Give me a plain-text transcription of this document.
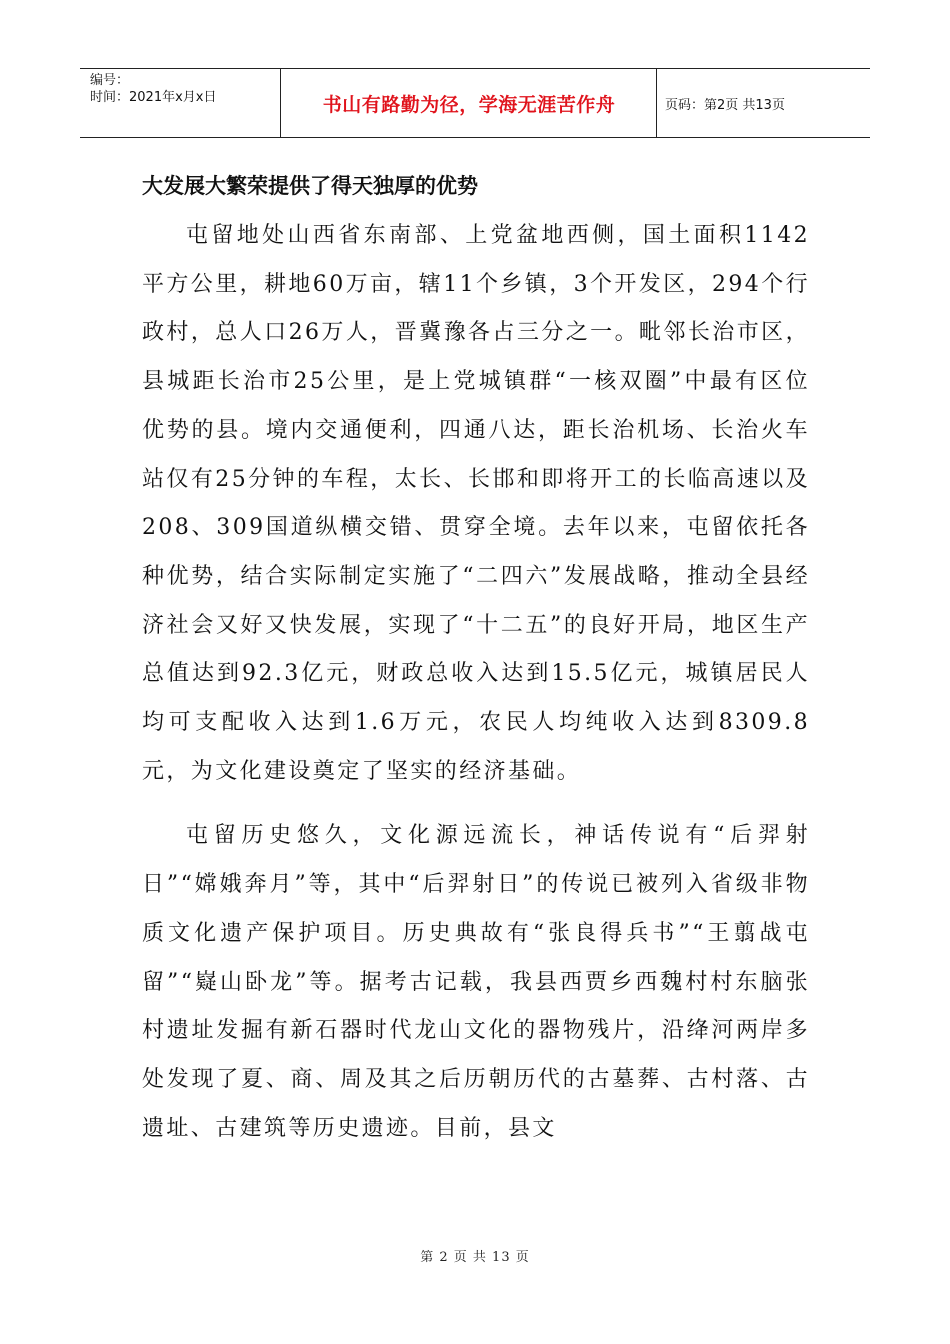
编号：
时间：2021年x月x日	书山有路勤为径，学海无涯苦作舟	页码：第2页 共13页

大发展大繁荣提供了得天独厚的优势

屯留地处山西省东南部、上党盆地西侧，国土面积1142平方公里，耕地60万亩，辖11个乡镇，3个开发区，294个行政村，总人口26万人，晋冀豫各占三分之一。毗邻长治市区，县城距长治市25公里，是上党城镇群“一核双圈”中最有区位优势的县。境内交通便利，四通八达，距长治机场、长治火车站仅有25分钟的车程，太长、长邯和即将开工的长临高速以及208、309国道纵横交错、贯穿全境。去年以来，屯留依托各种优势，结合实际制定实施了“二四六”发展战略，推动全县经济社会又好又快发展，实现了“十二五”的良好开局，地区生产总值达到92.3亿元，财政总收入达到15.5亿元，城镇居民人均可支配收入达到1.6万元，农民人均纯收入达到8309.8元，为文化建设奠定了坚实的经济基础。

屯留历史悠久，文化源远流长，神话传说有“后羿射日”“嫦娥奔月”等，其中“后羿射日”的传说已被列入省级非物质文化遗产保护项目。历史典故有“张良得兵书”“王翦战屯留”“嶷山卧龙”等。据考古记载，我县西贾乡西魏村村东脑张村遗址发掘有新石器时代龙山文化的器物残片，沿绛河两岸多处发现了夏、商、周及其之后历朝历代的古墓葬、古村落、古遗址、古建筑等历史遗迹。目前，县文

第 2 页 共 13 页
